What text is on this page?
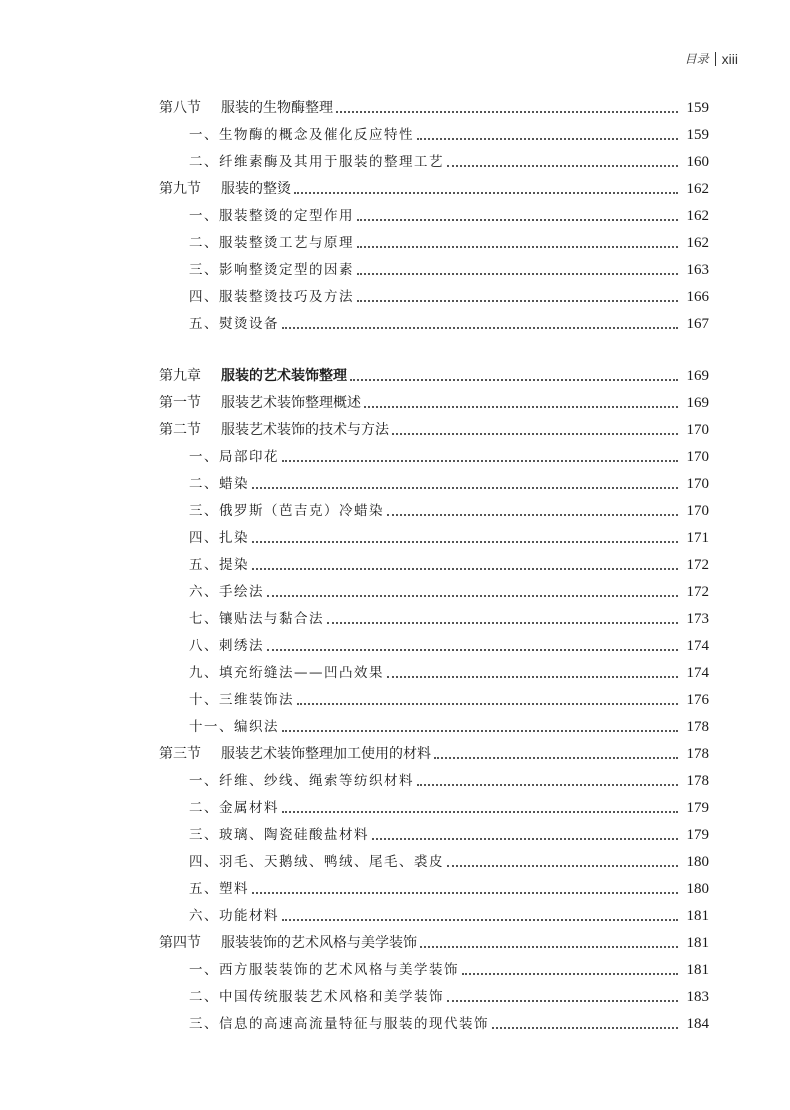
目录 xiii
第八节 服装的生物酶整理	159
一、生物酶的概念及催化反应特性	159
二、纤维素酶及其用于服装的整理工艺	160
第九节 服装的整烫	162
一、服装整烫的定型作用	162
二、服装整烫工艺与原理	162
三、影响整烫定型的因素	163
四、服装整烫技巧及方法	166
五、熨烫设备	167
第九章 服装的艺术装饰整理	169
第一节 服装艺术装饰整理概述	169
第二节 服装艺术装饰的技术与方法	170
一、局部印花	170
二、蜡染	170
三、俄罗斯（芭吉克）冷蜡染	170
四、扎染	171
五、提染	172
六、手绘法	172
七、镶贴法与黏合法	173
八、刺绣法	174
九、填充绗缝法——凹凸效果	174
十、三维装饰法	176
十一、编织法	178
第三节 服装艺术装饰整理加工使用的材料	178
一、纤维、纱线、绳索等纺织材料	178
二、金属材料	179
三、玻璃、陶瓷硅酸盐材料	179
四、羽毛、天鹅绒、鸭绒、尾毛、裘皮	180
五、塑料	180
六、功能材料	181
第四节 服装装饰的艺术风格与美学装饰	181
一、西方服装装饰的艺术风格与美学装饰	181
二、中国传统服装艺术风格和美学装饰	183
三、信息的高速高流量特征与服装的现代装饰	184
